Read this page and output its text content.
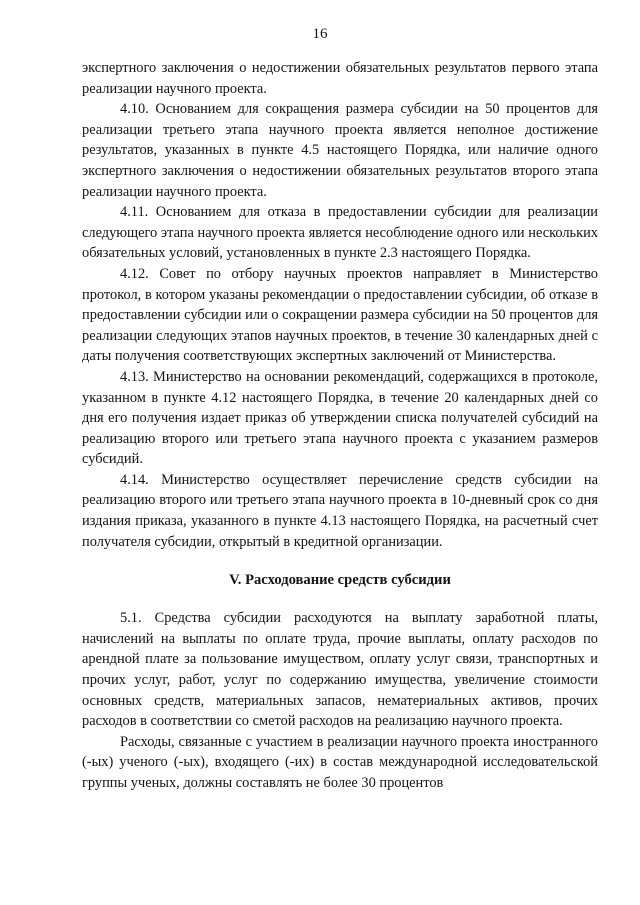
16

экспертного заключения о недостижении обязательных результатов первого этапа реализации научного проекта.

4.10. Основанием для сокращения размера субсидии на 50 процентов для реализации третьего этапа научного проекта является неполное достижение результатов, указанных в пункте 4.5 настоящего Порядка, или наличие одного экспертного заключения о недостижении обязательных результатов второго этапа реализации научного проекта.

4.11. Основанием для отказа в предоставлении субсидии для реализации следующего этапа научного проекта является несоблюдение одного или нескольких обязательных условий, установленных в пункте 2.3 настоящего Порядка.

4.12. Совет по отбору научных проектов направляет в Министерство протокол, в котором указаны рекомендации о предоставлении субсидии, об отказе в предоставлении субсидии или о сокращении размера субсидии на 50 процентов для реализации следующих этапов научных проектов, в течение 30 календарных дней с даты получения соответствующих экспертных заключений от Министерства.

4.13. Министерство на основании рекомендаций, содержащихся в протоколе, указанном в пункте 4.12 настоящего Порядка, в течение 20 календарных дней со дня его получения издает приказ об утверждении списка получателей субсидий на реализацию второго или третьего этапа научного проекта с указанием размеров субсидий.

4.14. Министерство осуществляет перечисление средств субсидии на реализацию второго или третьего этапа научного проекта в 10-дневный срок со дня издания приказа, указанного в пункте 4.13 настоящего Порядка, на расчетный счет получателя субсидии, открытый в кредитной организации.

V. Расходование средств субсидии

5.1. Средства субсидии расходуются на выплату заработной платы, начислений на выплаты по оплате труда, прочие выплаты, оплату расходов по арендной плате за пользование имуществом, оплату услуг связи, транспортных и прочих услуг, работ, услуг по содержанию имущества, увеличение стоимости основных средств, материальных запасов, нематериальных активов, прочих расходов в соответствии со сметой расходов на реализацию научного проекта.

Расходы, связанные с участием в реализации научного проекта иностранного (-ых) ученого (-ых), входящего (-их) в состав международной исследовательской группы ученых, должны составлять не более 30 процентов
